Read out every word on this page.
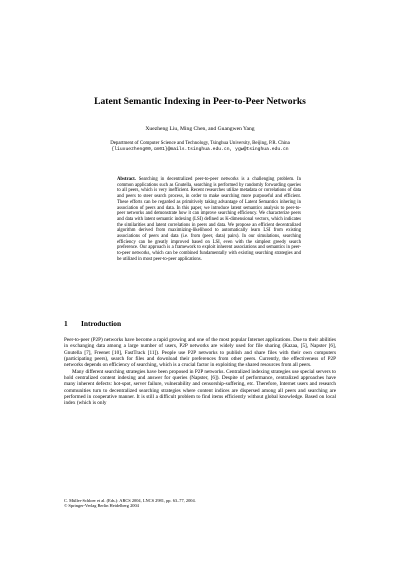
Latent Semantic Indexing in Peer-to-Peer Networks
Xuezheng Liu, Ming Chen, and Guangwen Yang
Department of Computer Science and Technology, Tsinghua University, Beijing, P.R. China
{liuxuezheng00,cm01}@mails.tsinghua.edu.cn, ygw@tsinghua.edu.cn
Abstract. Searching in decentralized peer-to-peer networks is a challenging problem. In common applications such as Gnutella, searching is performed by randomly forwarding queries to all peers, which is very inefficient. Recent researches utilize metadata or correlations of data and peers to steer search process, in order to make searching more purposeful and efficient. These efforts can be regarded as primitively taking advantage of Latent Semantics inhering in association of peers and data. In this paper, we introduce latent semantics analysis to peer-to-peer networks and demonstrate how it can improve searching efficiency. We characterize peers and data with latent semantic indexing (LSI) defined as K-dimensional vectors, which indicates the similarities and latent correlations in peers and data. We propose an efficient decentralized algorithm derived from maximizing-likelihood to automatically learn LSI from existing associations of peers and data (i.e. from (peer, data) pairs). In our simulations, searching efficiency can be greatly improved based on LSI, even with the simplest greedy search preference. Our approach is a framework to exploit inherent associations and semantics in peer-to-peer networks, which can be combined fundamentally with existing searching strategies and be utilized in most peer-to-peer applications.
1 Introduction

Peer-to-peer (P2P) networks have become a rapid growing and one of the most popular Internet applications. Due to their abilities in exchanging data among a large number of users, P2P networks are widely used for file sharing (Kazaa, [5], Napster [6], Gnutella [7], Freenet [10], FastTrack [11]). People use P2P networks to publish and share files with their own computers (participating peers), search for files and download their preferences from other peers. Currently, the effectiveness of P2P networks depends on efficiency of searching, which is a crucial factor in exploiting the shared resources from all peers.

Many different searching strategies have been proposed in P2P networks. Centralized indexing strategies use special servers to hold centralized content indexing and answer for queries (Napster, [6]). Despite of performance, centralized approaches have many inherent defects: hot-spot, server failure, vulnerability and censorship-suffering, etc. Therefore, Internet users and research communities turn to decentralized searching strategies where content indices are dispersed among all peers and searching are performed in cooperative manner. It is still a difficult problem to find items efficiently without global knowledge. Based on local index (which is only

C. Müller-Schloer et al. (Eds.): ARCS 2004, LNCS 2981, pp. 63–77, 2004.
© Springer-Verlag Berlin Heidelberg 2004
